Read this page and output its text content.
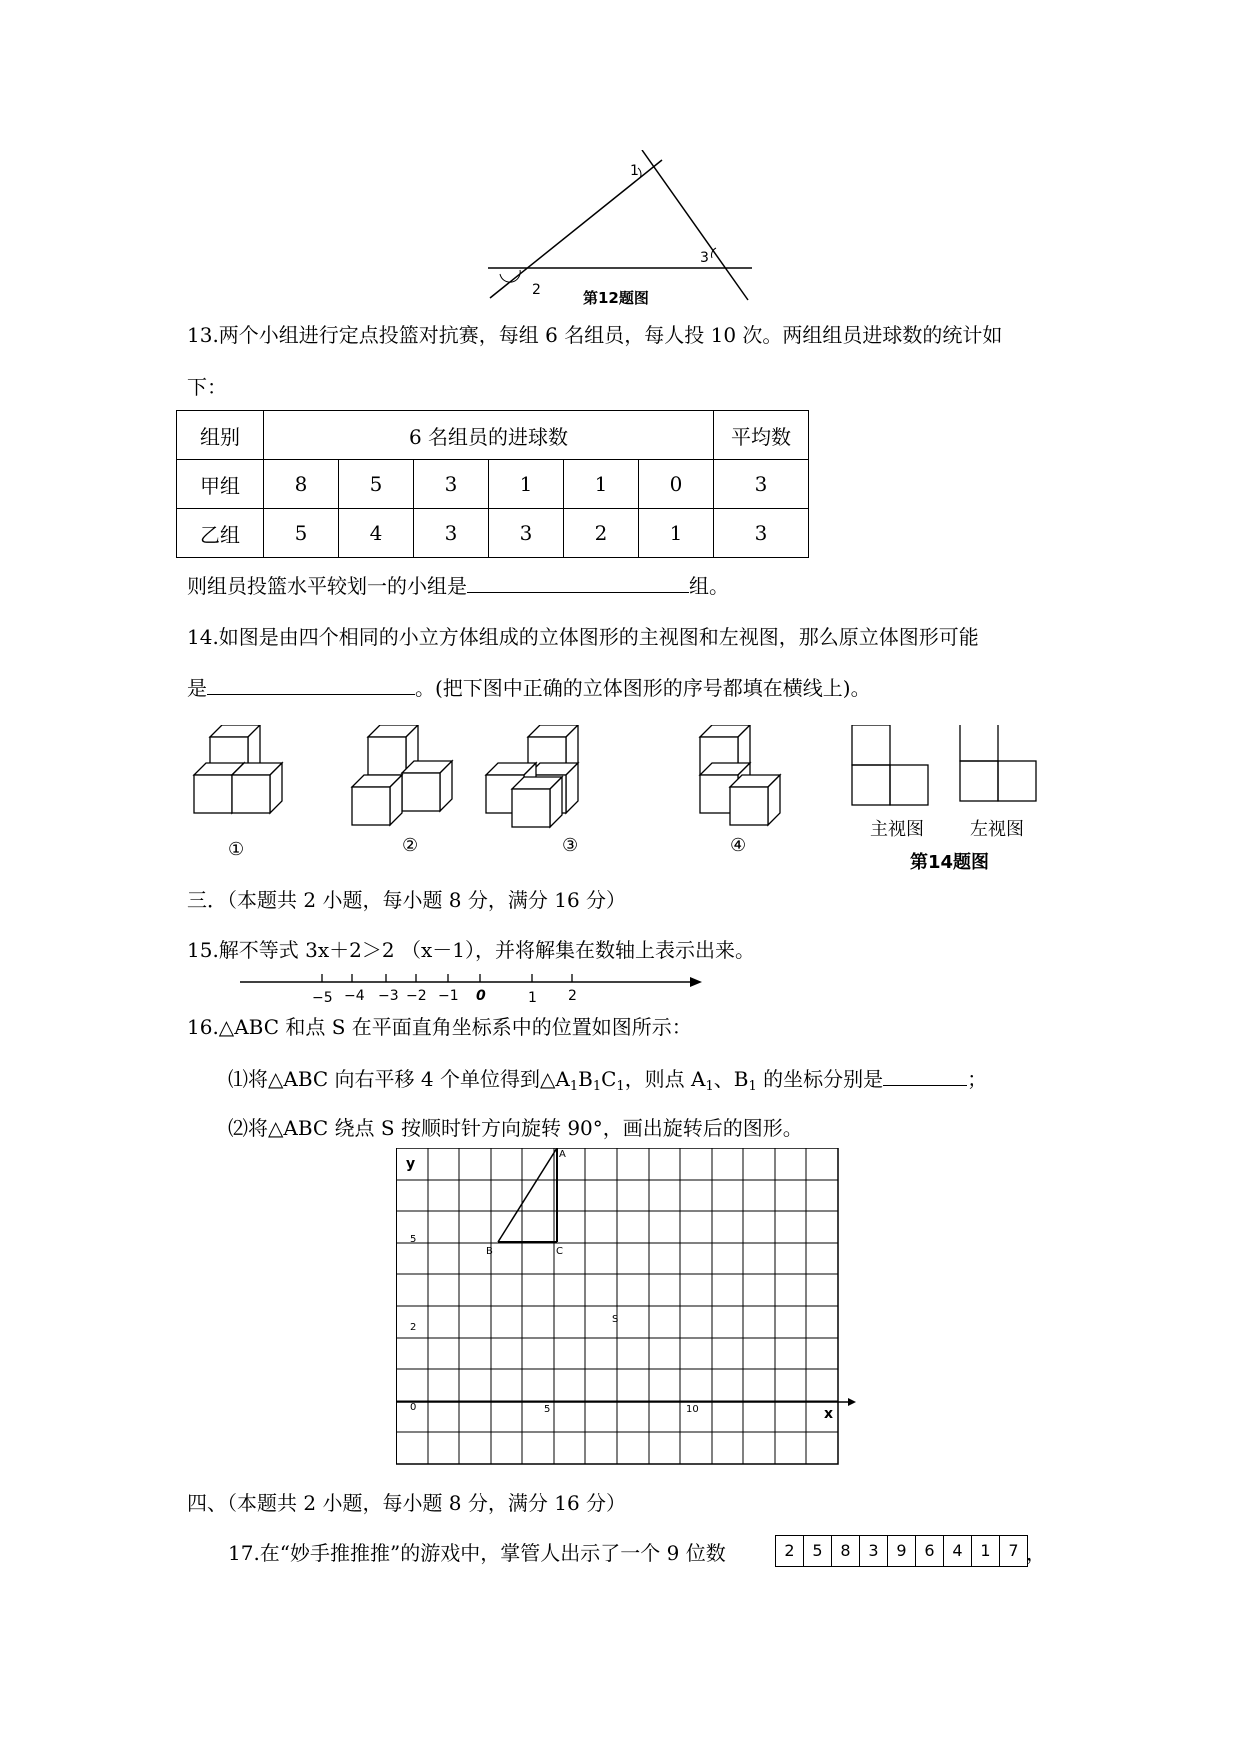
1
2
3
第12题图
13.两个小组进行定点投篮对抗赛，每组 6 名组员，每人投 10 次。两组组员进球数的统计如
下：
组别	6 名组员的进球数						平均数
甲组	8	5	3	1	1	0	3
乙组	5	4	3	3	2	1	3
则组员投篮水平较划一的小组是	组。
14.如图是由四个相同的小立方体组成的立体图形的主视图和左视图，那么原立体图形可能
是	。(把下图中正确的立体图形的序号都填在横线上)。
①	②	③	④
主视图	左视图
第14题图
三．（本题共 2 小题，每小题 8 分，满分 16 分）
15.解不等式 3x＋2＞2 （x－1），并将解集在数轴上表示出来。
−5 −4 −3 −2 −1 0	1 2
16.△ABC 和点 S 在平面直角坐标系中的位置如图所示：
⑴将△ABC 向右平移 4 个单位得到$\triangle A_1B_1C_1$，则点 $A_1$、$B_1$ 的坐标分别是	；
⑵将△ABC 绕点 S 按顺时针方向旋转 90°，画出旋转后的图形。
y
x
A
B	C
S
5
2
0	5	10
四、（本题共 2 小题，每小题 8 分，满分 16 分）
17.在“妙手推推推”的游戏中，掌管人出示了一个 9 位数	2	5	8	3	9	6	4	1	7 ，
